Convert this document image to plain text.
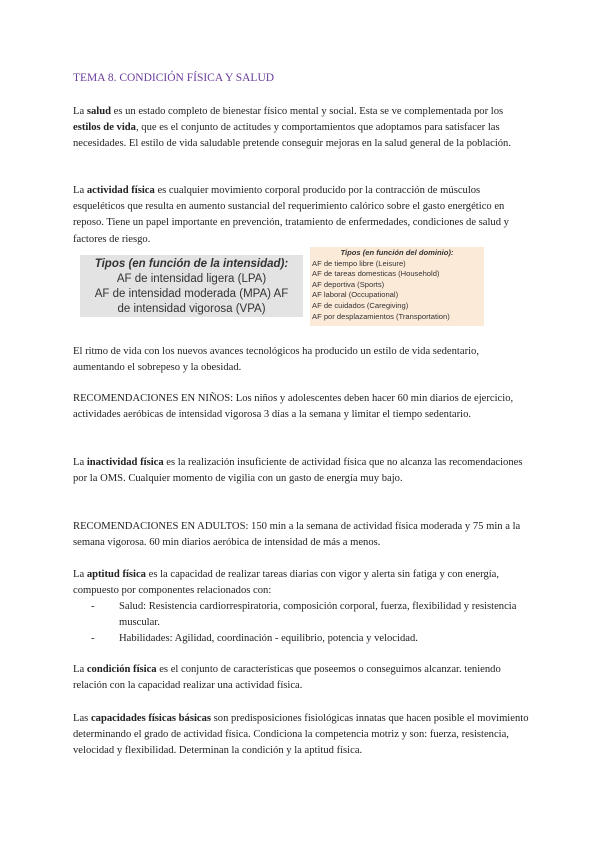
TEMA 8. CONDICIÓN FÍSICA Y SALUD

La salud es un estado completo de bienestar físico mental y social. Esta se ve complementada por los estilos de vida, que es el conjunto de actitudes y comportamientos que adoptamos para satisfacer las necesidades. El estilo de vida saludable pretende conseguir mejoras en la salud general de la población.

La actividad física es cualquier movimiento corporal producido por la contracción de músculos esqueléticos que resulta en aumento sustancial del requerimiento calórico sobre el gasto energético en reposo. Tiene un papel importante en prevención, tratamiento de enfermedades, condiciones de salud y factores de riesgo.

Tipos (en función de la intensidad):
AF de intensidad ligera (LPA)
AF de intensidad moderada (MPA) AF
de intensidad vigorosa (VPA)
Tipos (en función del dominio):
AF de tiempo libre (Leisure)
AF de tareas domesticas (Household)
AF deportiva (Sports)
AF laboral (Occupational)
AF de cuidados (Caregiving)
AF por desplazamientos (Transportation)

El ritmo de vida con los nuevos avances tecnológicos ha producido un estilo de vida sedentario, aumentando el sobrepeso y la obesidad.

RECOMENDACIONES EN NIÑOS: Los niños y adolescentes deben hacer 60 min diarios de ejercicio, actividades aeróbicas de intensidad vigorosa 3 días a la semana y limitar el tiempo sedentario.

La inactividad física es la realización insuficiente de actividad física que no alcanza las recomendaciones por la OMS. Cualquier momento de vigilia con un gasto de energía muy bajo.

RECOMENDACIONES EN ADULTOS: 150 min a la semana de actividad física moderada y 75 min a la semana vigorosa. 60 min diarios aeróbica de intensidad de más a menos.

La aptitud física es la capacidad de realizar tareas diarias con vigor y alerta sin fatiga y con energía, compuesto por componentes relacionados con:

- Salud: Resistencia cardiorrespiratoria, composición corporal, fuerza, flexibilidad y resistencia muscular.
- Habilidades: Agilidad, coordinación - equilibrio, potencia y velocidad.

La condición física es el conjunto de características que poseemos o conseguimos alcanzar. teniendo relación con la capacidad realizar una actividad física.

Las capacidades físicas básicas son predisposiciones fisiológicas innatas que hacen posible el movimiento determinando el grado de actividad física. Condiciona la competencia motriz y son: fuerza, resistencia, velocidad y flexibilidad. Determinan la condición y la aptitud física.
